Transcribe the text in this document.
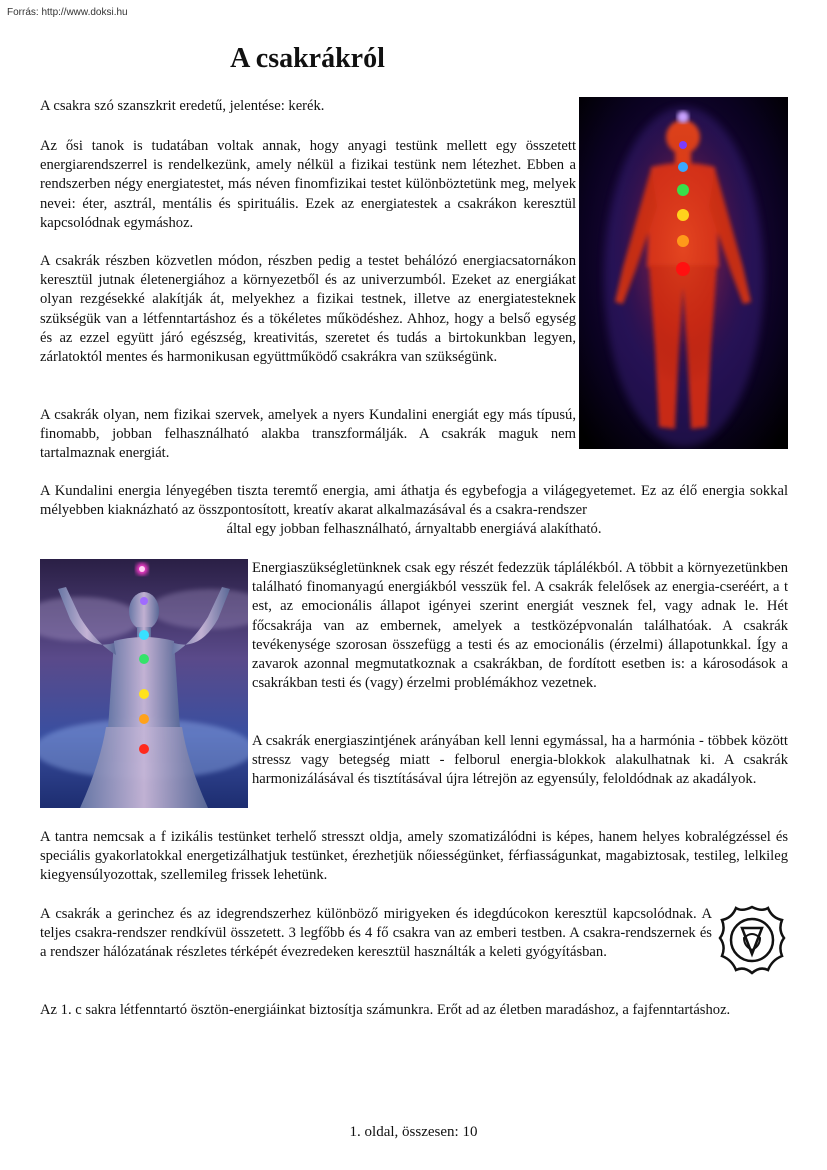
Forrás: http://www.doksi.hu
A csakrákról

A csakra szó szanszkrit eredetű, jelentése: kerék.

Az ősi tanok is tudatában voltak annak, hogy anyagi testünk mellett egy összetett energiarendszerrel is rendelkezünk, amely nélkül a fizikai testünk nem létezhet. Ebben a rendszerben négy energiatestet, más néven finomfizikai testet különböztetünk meg, melyek nevei: éter, asztrál, mentális és spirituális. Ezek az energiatestek a csakrákon keresztül kapcsolódnak egymáshoz.

A csakrák részben közvetlen módon, részben pedig a testet behálózó energiacsatornákon keresztül jutnak életenergiához a környezetből és az univerzumból. Ezeket az energiákat olyan rezgésekké alakítják át, melyekhez a fizikai testnek, illetve az energiatesteknek szükségük van a létfenntartáshoz és a tökéletes működéshez. Ahhoz, hogy a belső egység és az ezzel együtt járó egészség, kreativitás, szeretet és tudás a birtokunkban legyen, zárlatoktól mentes és harmonikusan együttműködő csakrákra van szükségünk.

A csakrák olyan, nem fizikai szervek, amelyek a nyers Kundalini energiát egy más típusú, finomabb, jobban felhasználható alakba transzformálják. A csakrák maguk nem tartalmaznak energiát.

A Kundalini energia lényegében tiszta teremtő energia, ami áthatja és egybefogja a világegyetemet. Ez az élő energia sokkal mélyebben kiaknázható az összpontosított, kreatív akarat alkalmazásával és a csakra-rendszer

által egy jobban felhasználható, árnyaltabb energiává alakítható.

Energiaszükségletünknek csak egy részét fedezzük táplálékból. A többit a környezetünkben található finomanyagú energiákból vesszük fel. A csakrák felelősek az energia-cseréért, a t est, az emocionális állapot igényei szerint energiát vesznek fel, vagy adnak le. Hét főcsakrája van az embernek, amelyek a testközépvonalán találhatóak. A csakrák tevékenysége szorosan összefügg a testi és az emocionális (érzelmi) állapotunkkal. Így a zavarok azonnal megmutatkoznak a csakrákban, de fordított esetben is: a károsodások a csakrákban testi és (vagy) érzelmi problémákhoz vezetnek.

A csakrák energiaszintjének arányában kell lenni egymással, ha a harmónia - többek között stressz vagy betegség miatt - felborul energia-blokkok alakulhatnak ki. A csakrák harmonizálásával és tisztításával újra létrejön az egyensúly, feloldódnak az akadályok.

A tantra nemcsak a f izikális testünket terhelő stresszt oldja, amely szomatizálódni is képes, hanem helyes kobralégzéssel és speciális gyakorlatokkal energetizálhatjuk testünket, érezhetjük nőiességünket, férfiasságunkat, magabiztosak, testileg, lelkileg kiegyensúlyozottak, szellemileg frissek lehetünk.

A csakrák a gerinchez és az idegrendszerhez különböző mirigyeken és idegdúcokon keresztül kapcsolódnak. A teljes csakra-rendszer rendkívül összetett. 3 legfőbb és 4 fő csakra van az emberi testben. A csakra-rendszernek és a rendszer hálózatának részletes térképét évezredeken keresztül használták a keleti gyógyításban.

Az 1. c sakra létfenntartó ösztön-energiáinkat biztosítja számunkra. Erőt ad az életben maradáshoz, a fajfenntartáshoz.

1. oldal, összesen: 10
